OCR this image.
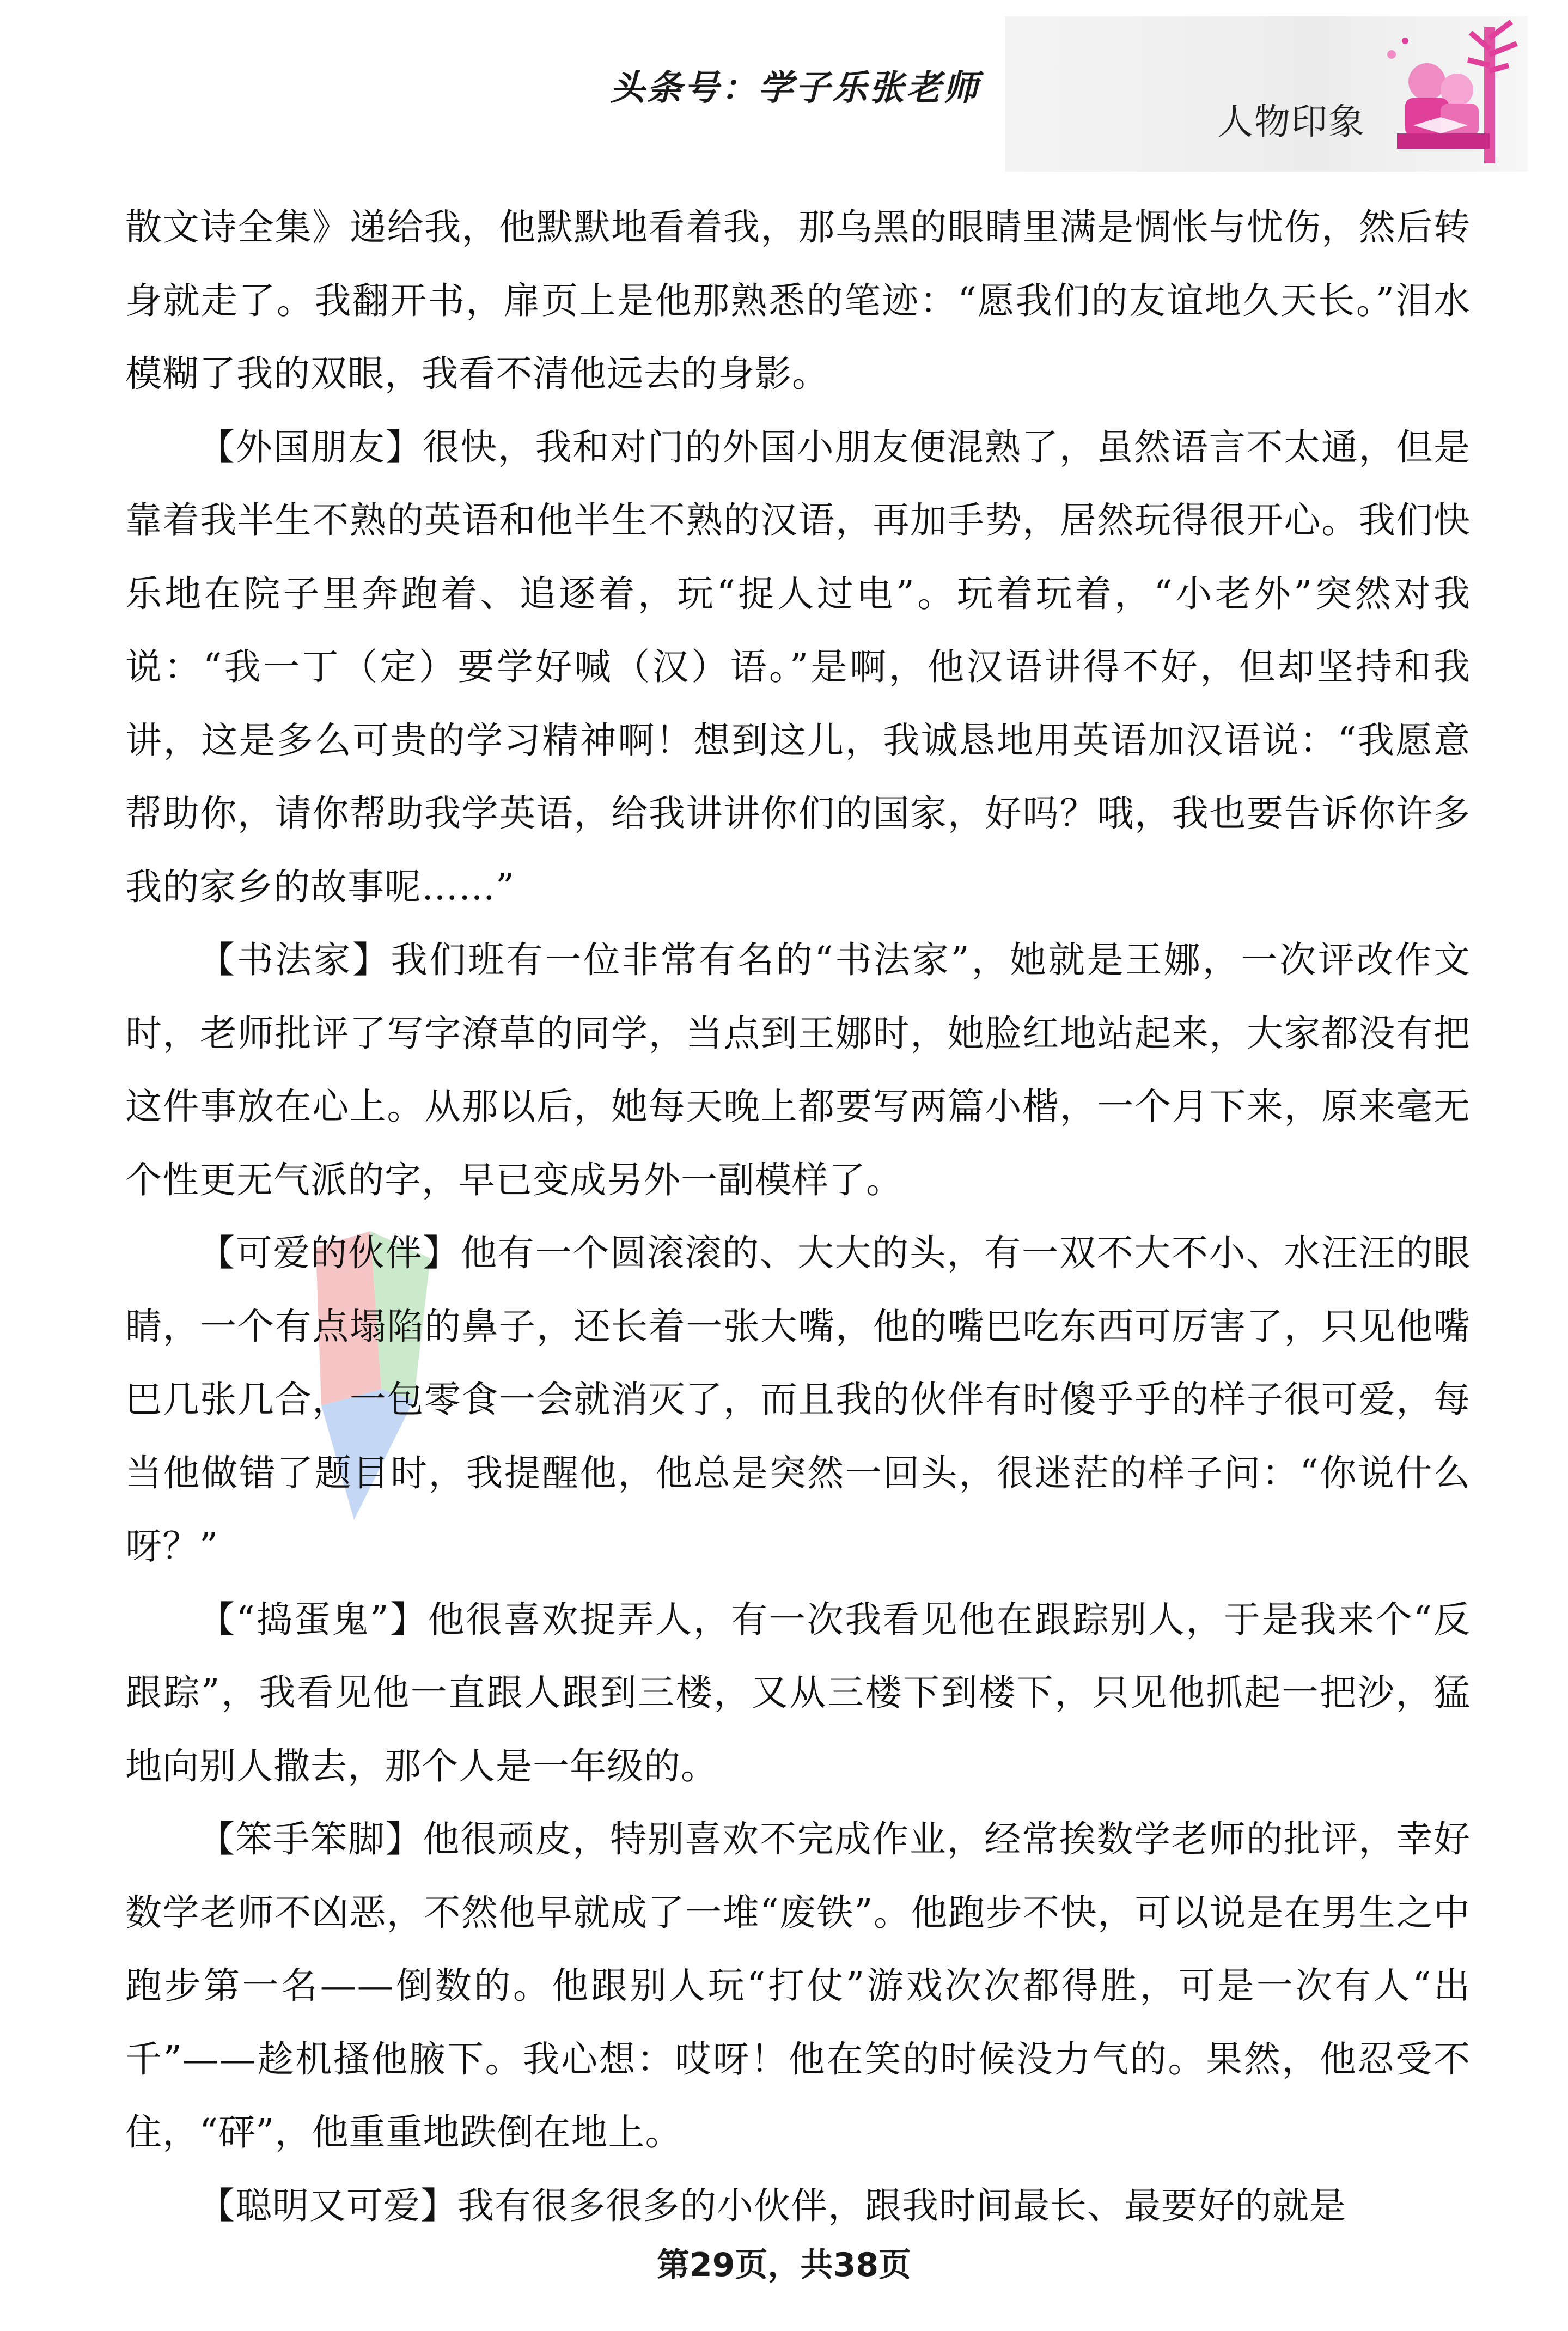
头条号：学子乐张老师
人物印象

散文诗全集》递给我，他默默地看着我，那乌黑的眼睛里满是惆怅与忧伤，然后转身就走了。我翻开书，扉页上是他那熟悉的笔迹：“愿我们的友谊地久天长。”泪水模糊了我的双眼，我看不清他远去的身影。

【外国朋友】很快，我和对门的外国小朋友便混熟了，虽然语言不太通，但是靠着我半生不熟的英语和他半生不熟的汉语，再加手势，居然玩得很开心。我们快乐地在院子里奔跑着、追逐着，玩“捉人过电”。玩着玩着，“小老外”突然对我说：“我一丁（定）要学好喊（汉）语。”是啊，他汉语讲得不好，但却坚持和我讲，这是多么可贵的学习精神啊！想到这儿，我诚恳地用英语加汉语说：“我愿意帮助你，请你帮助我学英语，给我讲讲你们的国家，好吗？哦，我也要告诉你许多我的家乡的故事呢……”

【书法家】我们班有一位非常有名的“书法家”，她就是王娜，一次评改作文时，老师批评了写字潦草的同学，当点到王娜时，她脸红地站起来，大家都没有把这件事放在心上。从那以后，她每天晚上都要写两篇小楷，一个月下来，原来毫无个性更无气派的字，早已变成另外一副模样了。

【可爱的伙伴】他有一个圆滚滚的、大大的头，有一双不大不小、水汪汪的眼睛，一个有点塌陷的鼻子，还长着一张大嘴，他的嘴巴吃东西可厉害了，只见他嘴巴几张几合，一包零食一会就消灭了，而且我的伙伴有时傻乎乎的样子很可爱，每当他做错了题目时，我提醒他，他总是突然一回头，很迷茫的样子问：“你说什么呀？”

【“捣蛋鬼”】他很喜欢捉弄人，有一次我看见他在跟踪别人，于是我来个“反跟踪”，我看见他一直跟人跟到三楼，又从三楼下到楼下，只见他抓起一把沙，猛地向别人撒去，那个人是一年级的。

【笨手笨脚】他很顽皮，特别喜欢不完成作业，经常挨数学老师的批评，幸好数学老师不凶恶，不然他早就成了一堆“废铁”。他跑步不快，可以说是在男生之中跑步第一名——倒数的。他跟别人玩“打仗”游戏次次都得胜，可是一次有人“出千”——趁机搔他腋下。我心想：哎呀！他在笑的时候没力气的。果然，他忍受不住，“砰”，他重重地跌倒在地上。

【聪明又可爱】我有很多很多的小伙伴，跟我时间最长、最要好的就是

第29页，共38页
